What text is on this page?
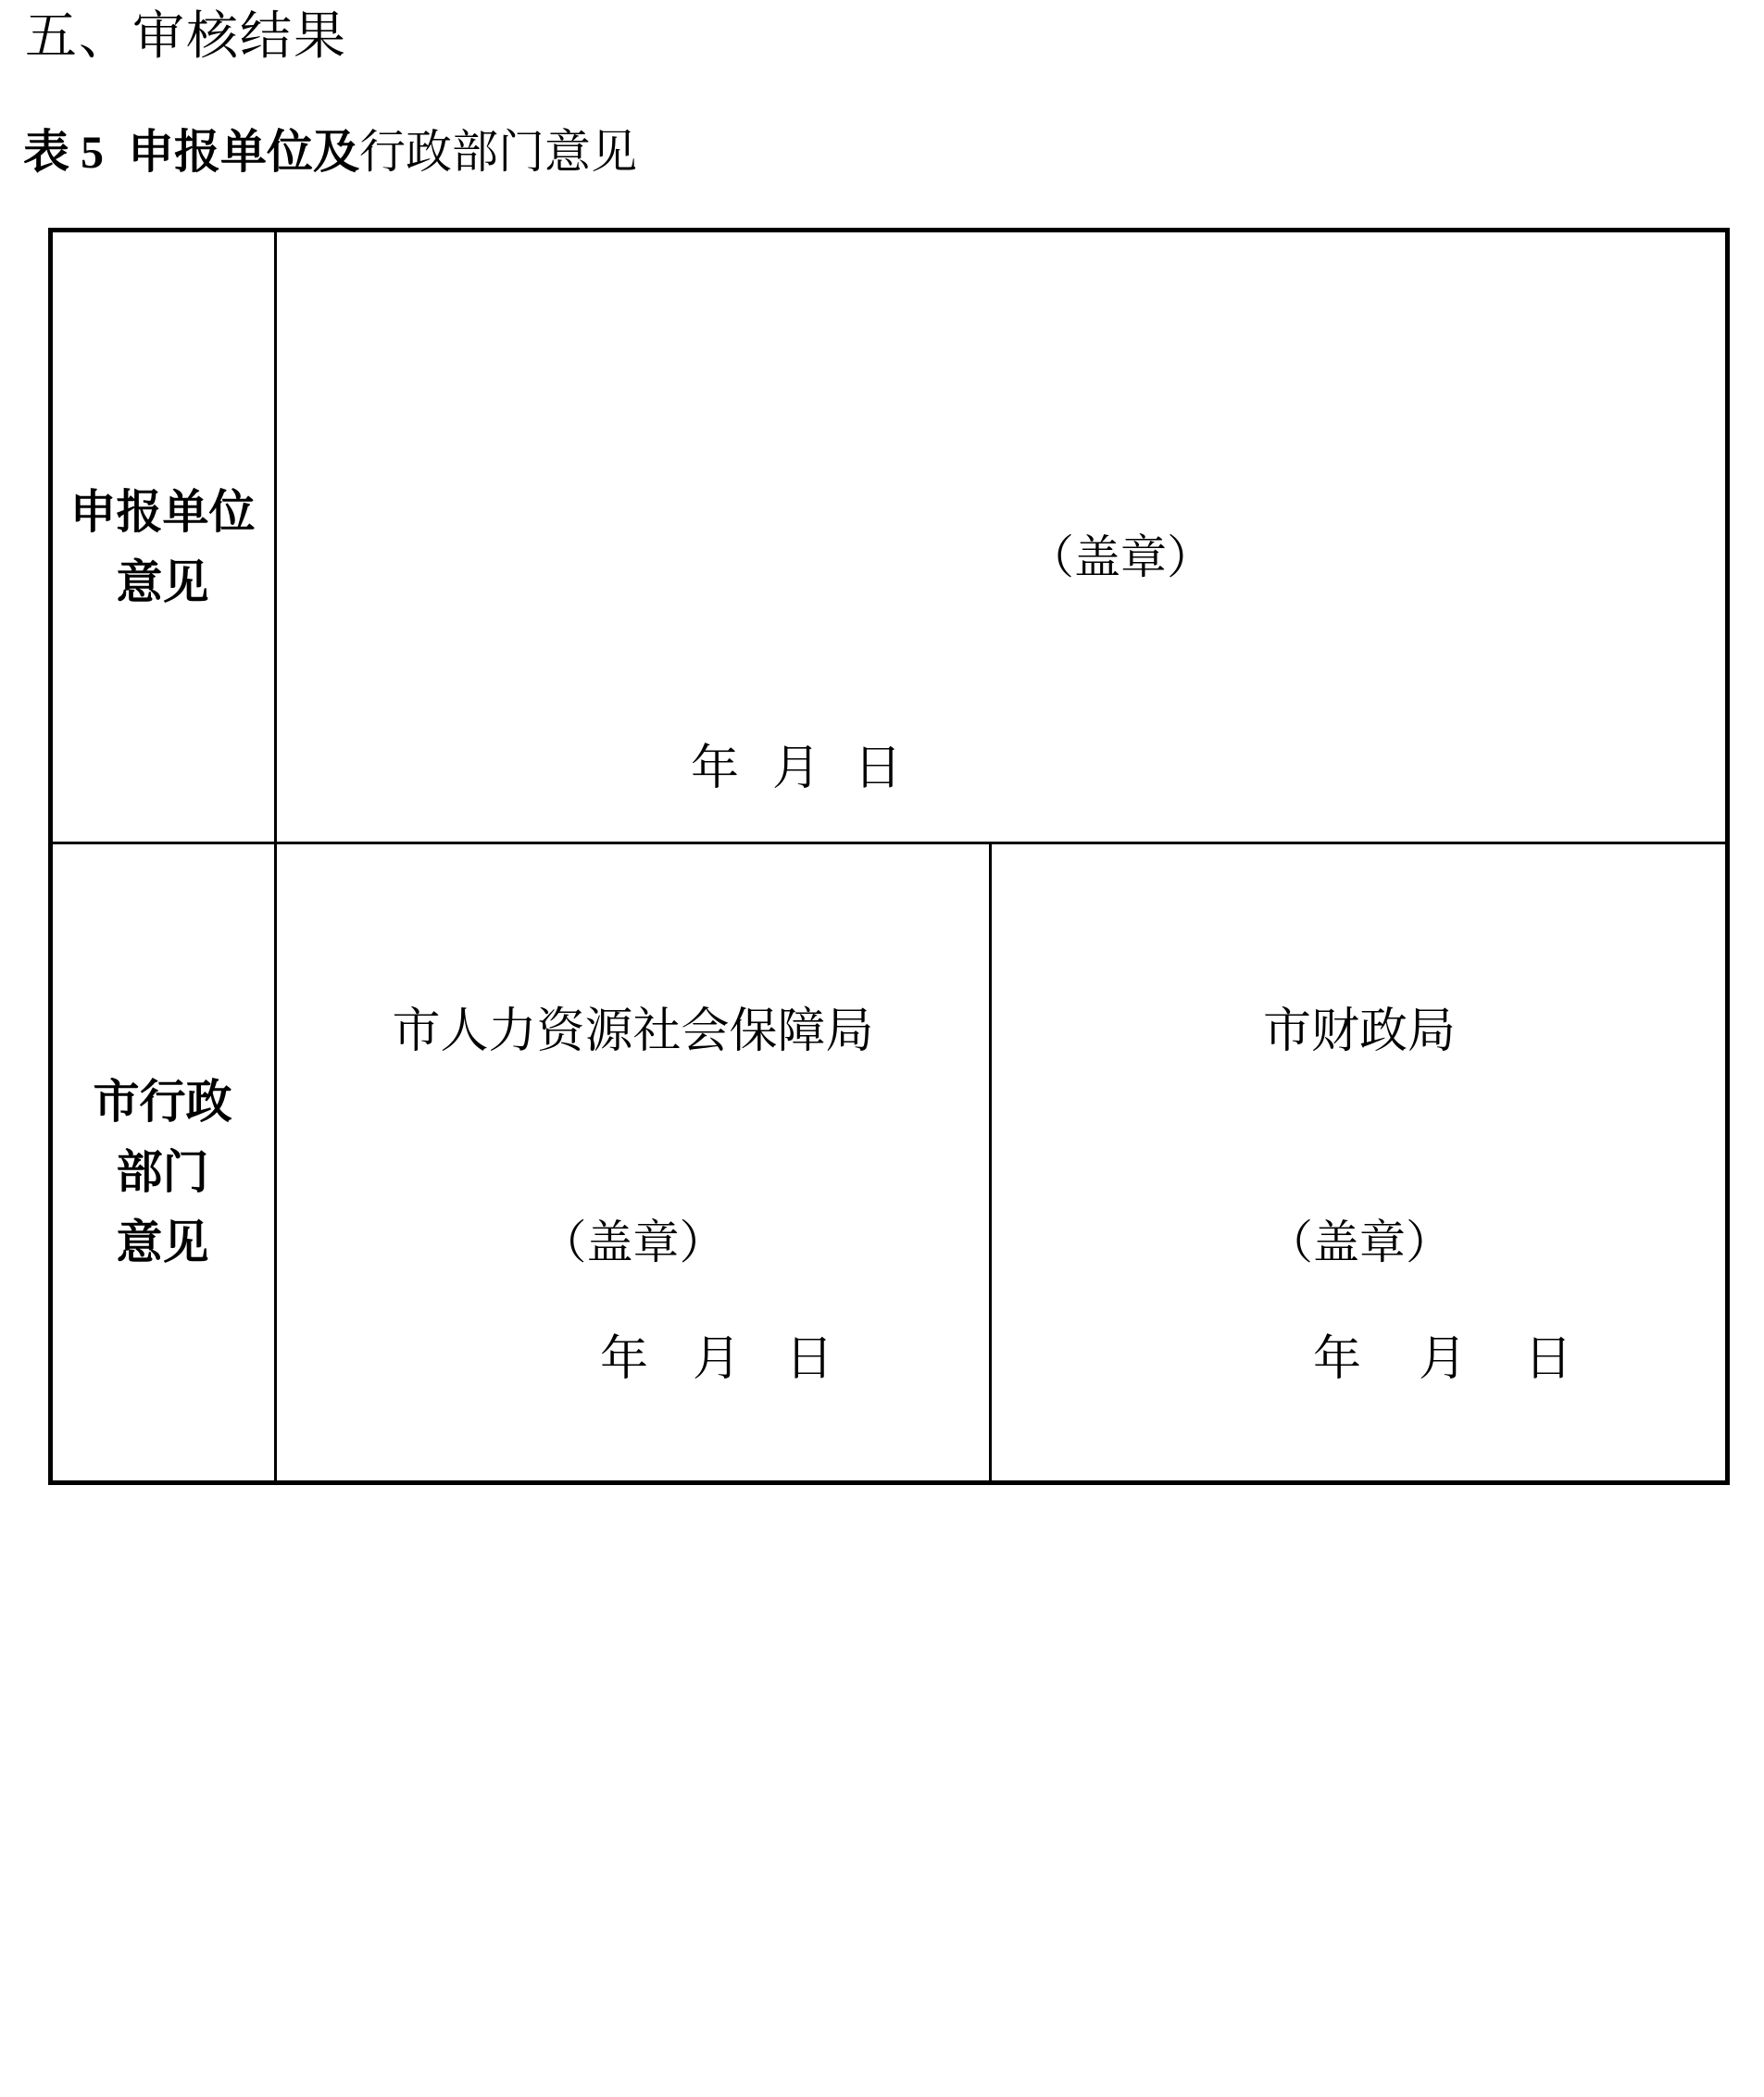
五、审核结果
表 5 申报单位及行政部门意见
申报单位
意见	（盖章）
年 月 日
市行政
部门
意见
市人力资源社会保障局
（盖章）
年 月 日
市财政局
（盖章）
年 月 日
